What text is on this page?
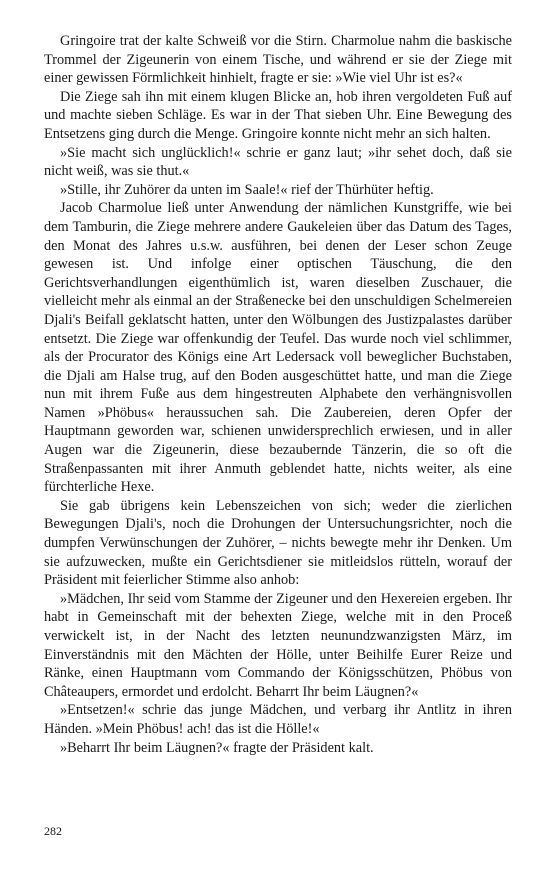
Gringoire trat der kalte Schweiß vor die Stirn. Charmolue nahm die baskische Trommel der Zigeunerin von einem Tische, und während er sie der Ziege mit einer gewissen Förmlichkeit hinhielt, fragte er sie: »Wie viel Uhr ist es?«

Die Ziege sah ihn mit einem klugen Blicke an, hob ihren vergoldeten Fuß auf und machte sieben Schläge. Es war in der That sieben Uhr. Eine Bewegung des Entsetzens ging durch die Menge. Gringoire konnte nicht mehr an sich halten.

»Sie macht sich unglücklich!« schrie er ganz laut; »ihr sehet doch, daß sie nicht weiß, was sie thut.«

»Stille, ihr Zuhörer da unten im Saale!« rief der Thürhüter heftig.

Jacob Charmolue ließ unter Anwendung der nämlichen Kunstgriffe, wie bei dem Tamburin, die Ziege mehrere andere Gaukeleien über das Datum des Tages, den Monat des Jahres u.s.w. ausführen, bei denen der Leser schon Zeuge gewesen ist. Und infolge einer optischen Täuschung, die den Gerichtsverhandlungen eigenthümlich ist, waren dieselben Zuschauer, die vielleicht mehr als einmal an der Straßenecke bei den unschuldigen Schelmereien Djali's Beifall geklatscht hatten, unter den Wölbungen des Justizpalastes darüber entsetzt. Die Ziege war offenkundig der Teufel. Das wurde noch viel schlimmer, als der Procurator des Königs eine Art Ledersack voll beweglicher Buchstaben, die Djali am Halse trug, auf den Boden ausgeschüttet hatte, und man die Ziege nun mit ihrem Fuße aus dem hingestreuten Alphabete den verhängnisvollen Namen »Phöbus« heraussuchen sah. Die Zaubereien, deren Opfer der Hauptmann geworden war, schienen unwidersprechlich erwiesen, und in aller Augen war die Zigeunerin, diese bezaubernde Tänzerin, die so oft die Straßenpassanten mit ihrer Anmuth geblendet hatte, nichts weiter, als eine fürchterliche Hexe.

Sie gab übrigens kein Lebenszeichen von sich; weder die zierlichen Bewegungen Djali's, noch die Drohungen der Untersuchungsrichter, noch die dumpfen Verwünschungen der Zuhörer, – nichts bewegte mehr ihr Denken. Um sie aufzuwecken, mußte ein Gerichtsdiener sie mitleidslos rütteln, worauf der Präsident mit feierlicher Stimme also anhob:

»Mädchen, Ihr seid vom Stamme der Zigeuner und den Hexereien ergeben. Ihr habt in Gemeinschaft mit der behexten Ziege, welche mit in den Proceß verwickelt ist, in der Nacht des letzten neunundzwanzigsten März, im Einverständnis mit den Mächten der Hölle, unter Beihilfe Eurer Reize und Ränke, einen Hauptmann vom Commando der Königsschützen, Phöbus von Châteaupers, ermordet und erdolcht. Beharrt Ihr beim Läugnen?«

»Entsetzen!« schrie das junge Mädchen, und verbarg ihr Antlitz in ihren Händen. »Mein Phöbus! ach! das ist die Hölle!«

»Beharrt Ihr beim Läugnen?« fragte der Präsident kalt.

282
